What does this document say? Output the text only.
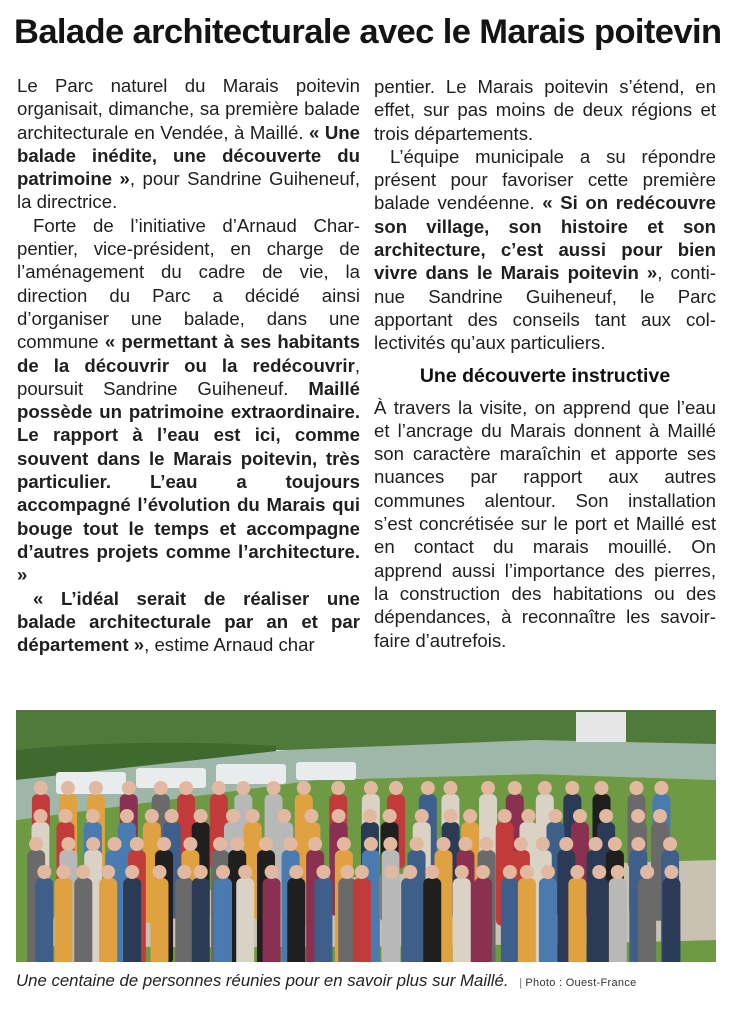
Balade architecturale avec le Marais poitevin

Le Parc naturel du Marais poitevin organisait, dimanche, sa première balade architecturale en Vendée, à Maillé. « Une balade inédite, une découverte du patrimoine », pour Sandrine Guiheneuf, la directrice.

Forte de l’initiative d’Arnaud Charpentier, vice-président, en charge de l’aménagement du cadre de vie, la direction du Parc a décidé ainsi d’organiser une balade, dans une commune « permettant à ses habitants de la découvrir ou la redécouvrir, poursuit Sandrine Guiheneuf. Maillé possède un patrimoine extraordinaire. Le rapport à l’eau est ici, comme souvent dans le Marais poitevin, très particulier. L’eau a toujours accompagné l’évolution du Marais qui bouge tout le temps et accompagne d’autres projets comme l’architecture. »

« L’idéal serait de réaliser une balade architecturale par an et par département », estime Arnaud char

pentier. Le Marais poitevin s’étend, en effet, sur pas moins de deux régions et trois départements.

L’équipe municipale a su répondre présent pour favoriser cette première balade vendéenne. « Si on redécouvre son village, son histoire et son architecture, c’est aussi pour bien vivre dans le Marais poitevin », continue Sandrine Guiheneuf, le Parc apportant des conseils tant aux collectivités qu’aux particuliers.

Une découverte instructive

À travers la visite, on apprend que l’eau et l’ancrage du Marais donnent à Maillé son caractère maraîchin et apporte ses nuances par rapport aux autres communes alentour. Son installation s’est concrétisée sur le port et Maillé est en contact du marais mouillé. On apprend aussi l’importance des pierres, la construction des habitations ou des dépendances, à reconnaître les savoir-faire d’autrefois.

Une centaine de personnes réunies pour en savoir plus sur Maillé. | Photo : Ouest-France
